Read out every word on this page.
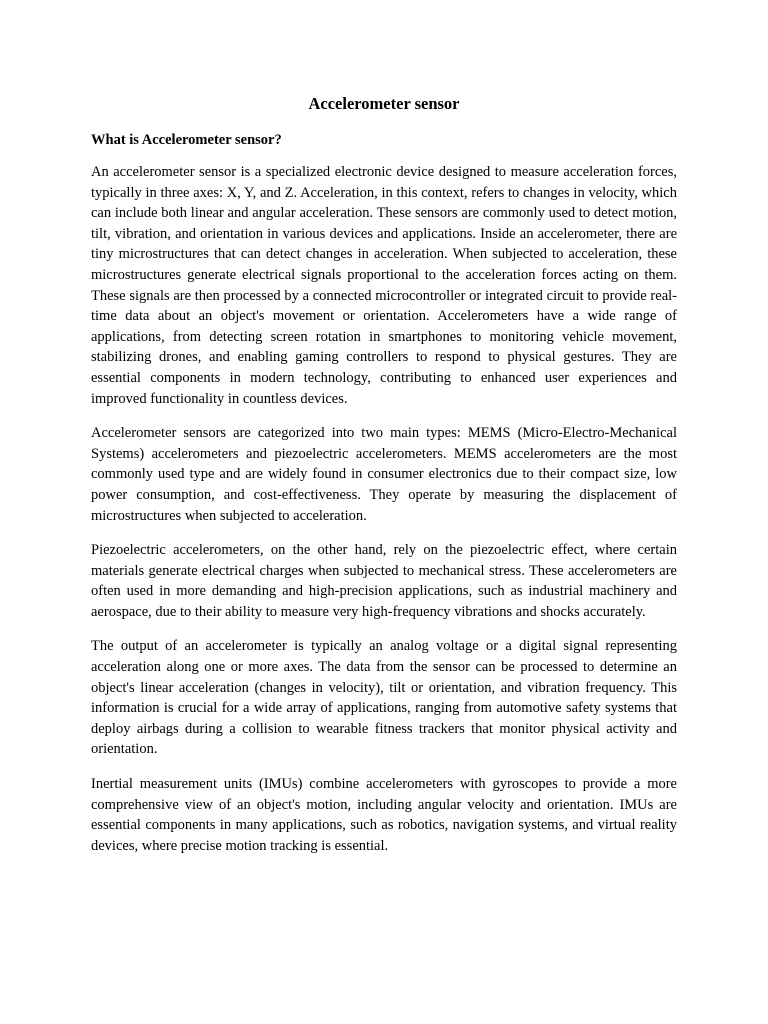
Accelerometer sensor
What is Accelerometer sensor?

An accelerometer sensor is a specialized electronic device designed to measure acceleration forces, typically in three axes: X, Y, and Z. Acceleration, in this context, refers to changes in velocity, which can include both linear and angular acceleration. These sensors are commonly used to detect motion, tilt, vibration, and orientation in various devices and applications. Inside an accelerometer, there are tiny microstructures that can detect changes in acceleration. When subjected to acceleration, these microstructures generate electrical signals proportional to the acceleration forces acting on them. These signals are then processed by a connected microcontroller or integrated circuit to provide real-time data about an object's movement or orientation. Accelerometers have a wide range of applications, from detecting screen rotation in smartphones to monitoring vehicle movement, stabilizing drones, and enabling gaming controllers to respond to physical gestures. They are essential components in modern technology, contributing to enhanced user experiences and improved functionality in countless devices.

Accelerometer sensors are categorized into two main types: MEMS (Micro-Electro-Mechanical Systems) accelerometers and piezoelectric accelerometers. MEMS accelerometers are the most commonly used type and are widely found in consumer electronics due to their compact size, low power consumption, and cost-effectiveness. They operate by measuring the displacement of microstructures when subjected to acceleration.

Piezoelectric accelerometers, on the other hand, rely on the piezoelectric effect, where certain materials generate electrical charges when subjected to mechanical stress. These accelerometers are often used in more demanding and high-precision applications, such as industrial machinery and aerospace, due to their ability to measure very high-frequency vibrations and shocks accurately.

The output of an accelerometer is typically an analog voltage or a digital signal representing acceleration along one or more axes. The data from the sensor can be processed to determine an object's linear acceleration (changes in velocity), tilt or orientation, and vibration frequency. This information is crucial for a wide array of applications, ranging from automotive safety systems that deploy airbags during a collision to wearable fitness trackers that monitor physical activity and orientation.

Inertial measurement units (IMUs) combine accelerometers with gyroscopes to provide a more comprehensive view of an object's motion, including angular velocity and orientation. IMUs are essential components in many applications, such as robotics, navigation systems, and virtual reality devices, where precise motion tracking is essential.
